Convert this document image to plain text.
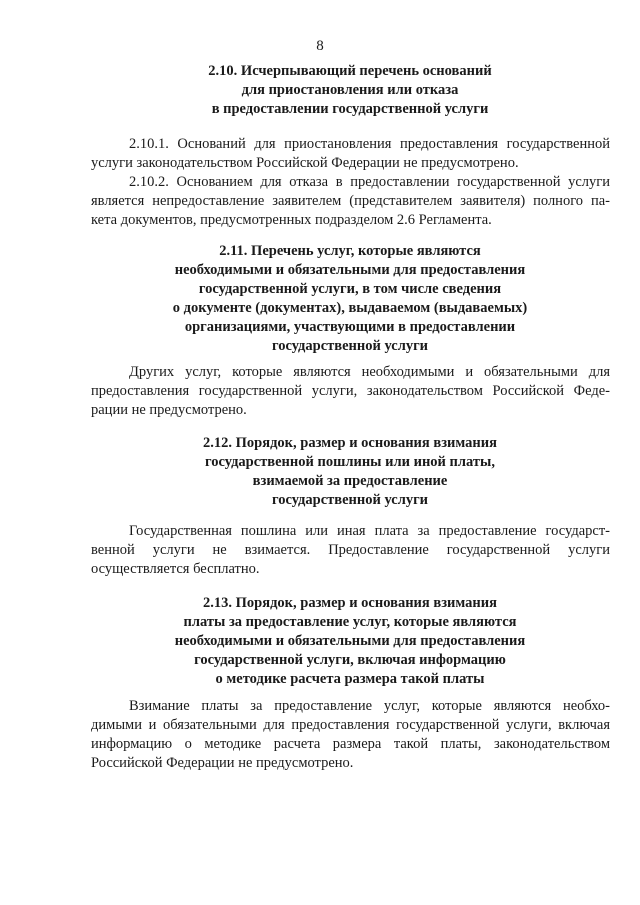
8
2.10. Исчерпывающий перечень оснований
для приостановления или отказа
в предоставлении государственной услуги
2.10.1. Оснований для приостановления предоставления государственной
услуги законодательством Российской Федерации не предусмотрено.
2.10.2. Основанием для отказа в предоставлении государственной услуги
является непредоставление заявителем (представителем заявителя) полного па-
кета документов, предусмотренных подразделом 2.6 Регламента.
2.11. Перечень услуг, которые являются
необходимыми и обязательными для предоставления
государственной услуги, в том числе сведения
о документе (документах), выдаваемом (выдаваемых)
организациями, участвующими в предоставлении
государственной услуги
Других услуг, которые являются необходимыми и обязательными для
предоставления государственной услуги, законодательством Российской Феде-
рации не предусмотрено.
2.12. Порядок, размер и основания взимания
государственной пошлины или иной платы,
взимаемой за предоставление
государственной услуги
Государственная пошлина или иная плата за предоставление государст-
венной услуги не взимается. Предоставление государственной услуги
осуществляется бесплатно.
2.13. Порядок, размер и основания взимания
платы за предоставление услуг, которые являются
необходимыми и обязательными для предоставления
государственной услуги, включая информацию
о методике расчета размера такой платы
Взимание платы за предоставление услуг, которые являются необхо-
димыми и обязательными для предоставления государственной услуги, включая
информацию о методике расчета размера такой платы, законодательством
Российской Федерации не предусмотрено.
